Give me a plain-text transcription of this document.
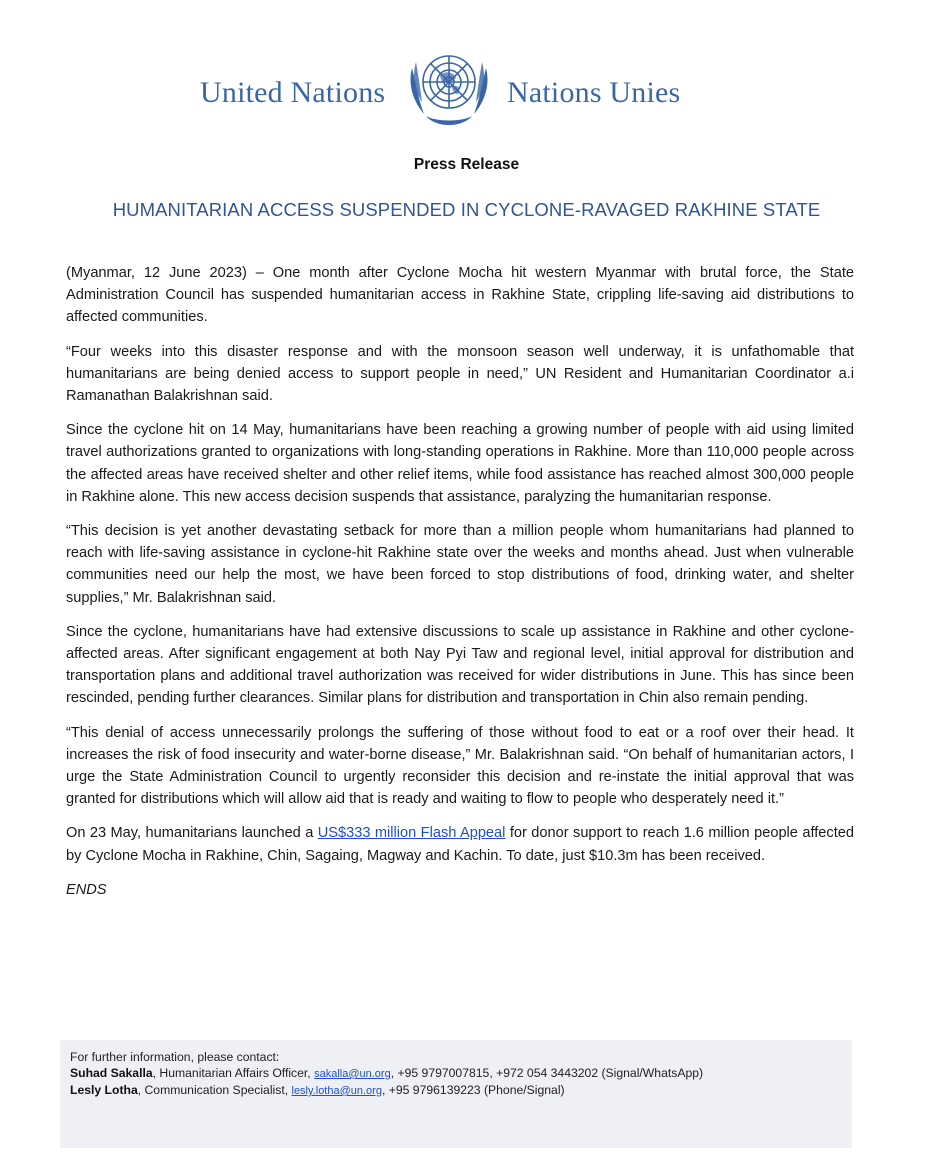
United Nations	Nations Unies
Press Release
HUMANITARIAN ACCESS SUSPENDED IN CYCLONE-RAVAGED RAKHINE STATE

(Myanmar, 12 June 2023) – One month after Cyclone Mocha hit western Myanmar with brutal force, the State Administration Council has suspended humanitarian access in Rakhine State, crippling life-saving aid distributions to affected communities.

“Four weeks into this disaster response and with the monsoon season well underway, it is unfathomable that humanitarians are being denied access to support people in need,” UN Resident and Humanitarian Coordinator a.i Ramanathan Balakrishnan said.

Since the cyclone hit on 14 May, humanitarians have been reaching a growing number of people with aid using limited travel authorizations granted to organizations with long-standing operations in Rakhine. More than 110,000 people across the affected areas have received shelter and other relief items, while food assistance has reached almost 300,000 people in Rakhine alone. This new access decision suspends that assistance, paralyzing the humanitarian response.

“This decision is yet another devastating setback for more than a million people whom humanitarians had planned to reach with life-saving assistance in cyclone-hit Rakhine state over the weeks and months ahead. Just when vulnerable communities need our help the most, we have been forced to stop distributions of food, drinking water, and shelter supplies,” Mr. Balakrishnan said.

Since the cyclone, humanitarians have had extensive discussions to scale up assistance in Rakhine and other cyclone-affected areas. After significant engagement at both Nay Pyi Taw and regional level, initial approval for distribution and transportation plans and additional travel authorization was received for wider distributions in June. This has since been rescinded, pending further clearances. Similar plans for distribution and transportation in Chin also remain pending.

“This denial of access unnecessarily prolongs the suffering of those without food to eat or a roof over their head. It increases the risk of food insecurity and water-borne disease,” Mr. Balakrishnan said. “On behalf of humanitarian actors, I urge the State Administration Council to urgently reconsider this decision and re-instate the initial approval that was granted for distributions which will allow aid that is ready and waiting to flow to people who desperately need it.”

On 23 May, humanitarians launched a US$333 million Flash Appeal for donor support to reach 1.6 million people affected by Cyclone Mocha in Rakhine, Chin, Sagaing, Magway and Kachin. To date, just $10.3m has been received.

ENDS

For further information, please contact:
Suhad Sakalla, Humanitarian Affairs Officer, sakalla@un.org, +95 9797007815, +972 054 3443202 (Signal/WhatsApp)
Lesly Lotha, Communication Specialist, lesly.lotha@un.org, +95 9796139223 (Phone/Signal)
